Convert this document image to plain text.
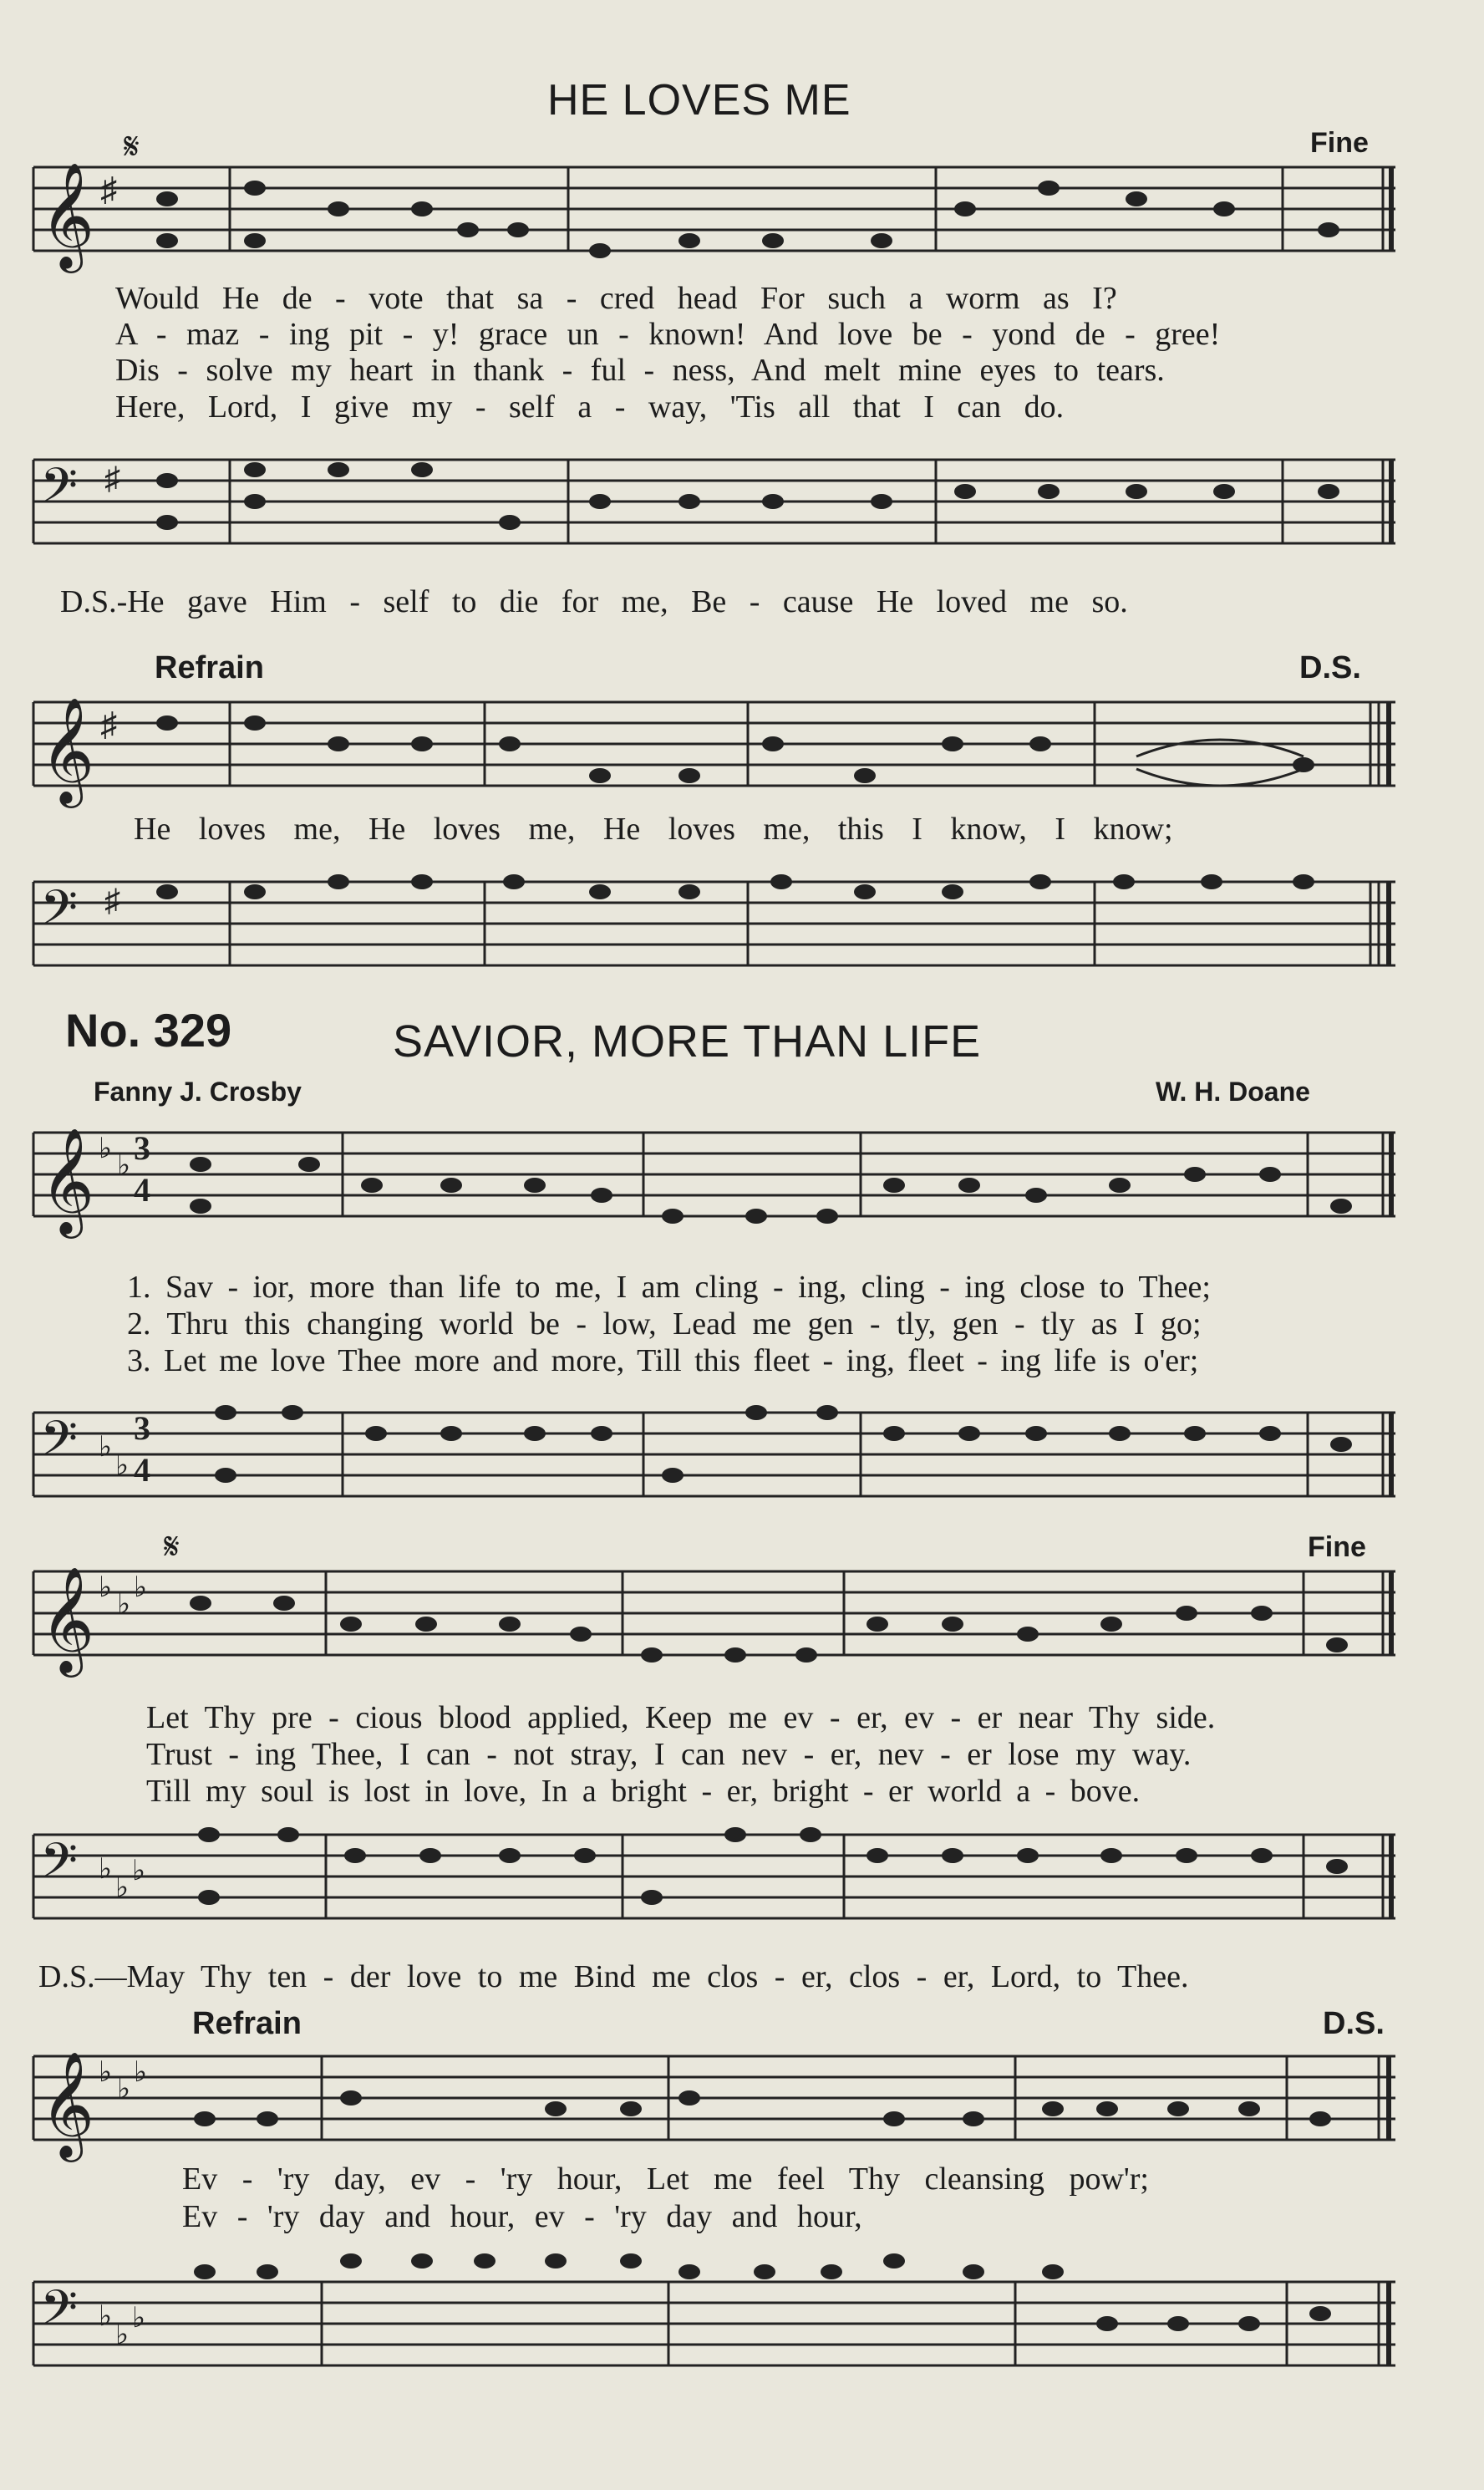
HE LOVES ME
Fine
𝄋
𝄞 ♯
Would He de - vote that sa - cred head For such a worm as I?
A - maz - ing pit - y! grace un - known! And love be - yond de - gree!
Dis - solve my heart in thank - ful - ness, And melt mine eyes to tears.
Here, Lord, I give my - self a - way, 'Tis all that I can do.
𝄢 ♯
D.S.-He gave Him - self to die for me, Be - cause He loved me so.
Refrain	D.S.
𝄞 ♯
He loves me, He loves me, He loves me, this I know, I know;
𝄢 ♯
No. 329	SAVIOR, MORE THAN LIFE
Fanny J. Crosby	W. H. Doane
𝄞 ♭
♭ 3
4
1. Sav - ior, more than life to me, I am cling - ing, cling - ing close to Thee;
2. Thru this changing world be - low, Lead me gen - tly, gen - tly as I go;
3. Let me love Thee more and more, Till this fleet - ing, fleet - ing life is o'er;
𝄢 ♭
♭
3
4
𝄋	Fine
𝄞 ♭
♭
♭
Let Thy pre - cious blood applied, Keep me ev - er, ev - er near Thy side.
Trust - ing Thee, I can - not stray, I can nev - er, nev - er lose my way.
Till my soul is lost in love, In a bright - er, bright - er world a - bove.
𝄢 ♭
♭
♭
D.S.—May Thy ten - der love to me Bind me clos - er, clos - er, Lord, to Thee.
Refrain	D.S.
𝄞 ♭
♭
♭
Ev - 'ry day, ev - 'ry hour, Let me feel Thy cleansing pow'r;
Ev - 'ry day and hour, ev - 'ry day and hour,
𝄢 ♭
♭
♭
